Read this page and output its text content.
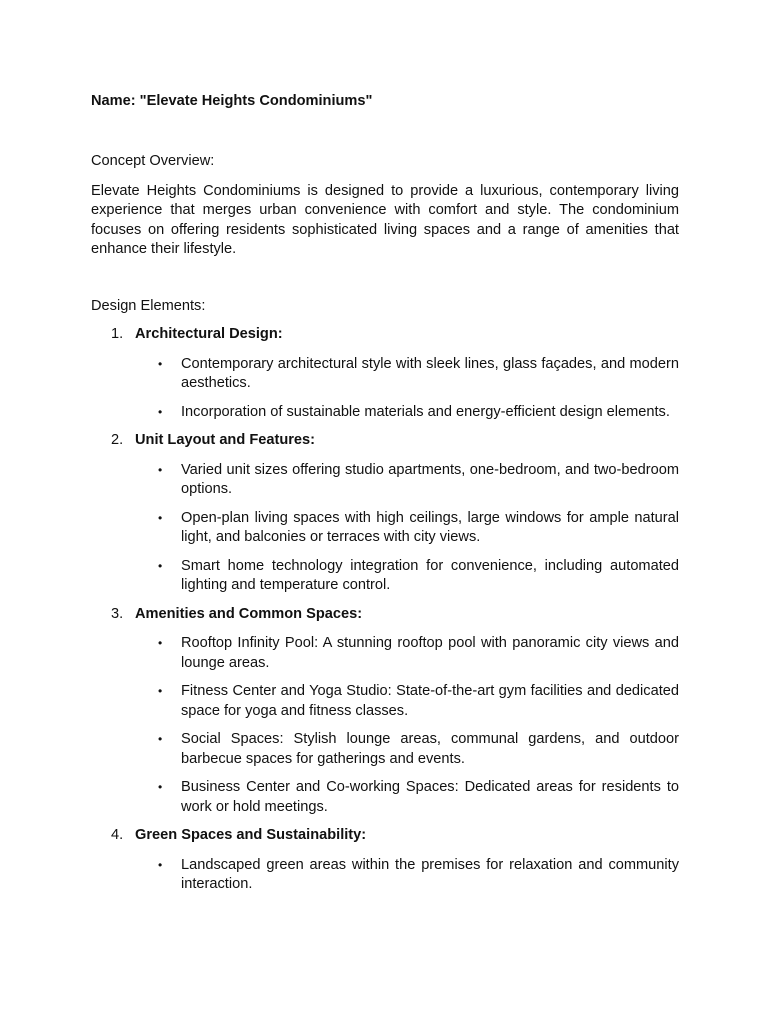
Name: "Elevate Heights Condominiums"

Concept Overview:

Elevate Heights Condominiums is designed to provide a luxurious, contemporary living experience that merges urban convenience with comfort and style. The condominium focuses on offering residents sophisticated living spaces and a range of amenities that enhance their lifestyle.

Design Elements:

1. Architectural Design:
• Contemporary architectural style with sleek lines, glass façades, and modern aesthetics.
• Incorporation of sustainable materials and energy-efficient design elements.
2. Unit Layout and Features:
• Varied unit sizes offering studio apartments, one-bedroom, and two-bedroom options.
• Open-plan living spaces with high ceilings, large windows for ample natural light, and balconies or terraces with city views.
• Smart home technology integration for convenience, including automated lighting and temperature control.
3. Amenities and Common Spaces:
• Rooftop Infinity Pool: A stunning rooftop pool with panoramic city views and lounge areas.
• Fitness Center and Yoga Studio: State-of-the-art gym facilities and dedicated space for yoga and fitness classes.
• Social Spaces: Stylish lounge areas, communal gardens, and outdoor barbecue spaces for gatherings and events.
• Business Center and Co-working Spaces: Dedicated areas for residents to work or hold meetings.
4. Green Spaces and Sustainability:
• Landscaped green areas within the premises for relaxation and community interaction.
